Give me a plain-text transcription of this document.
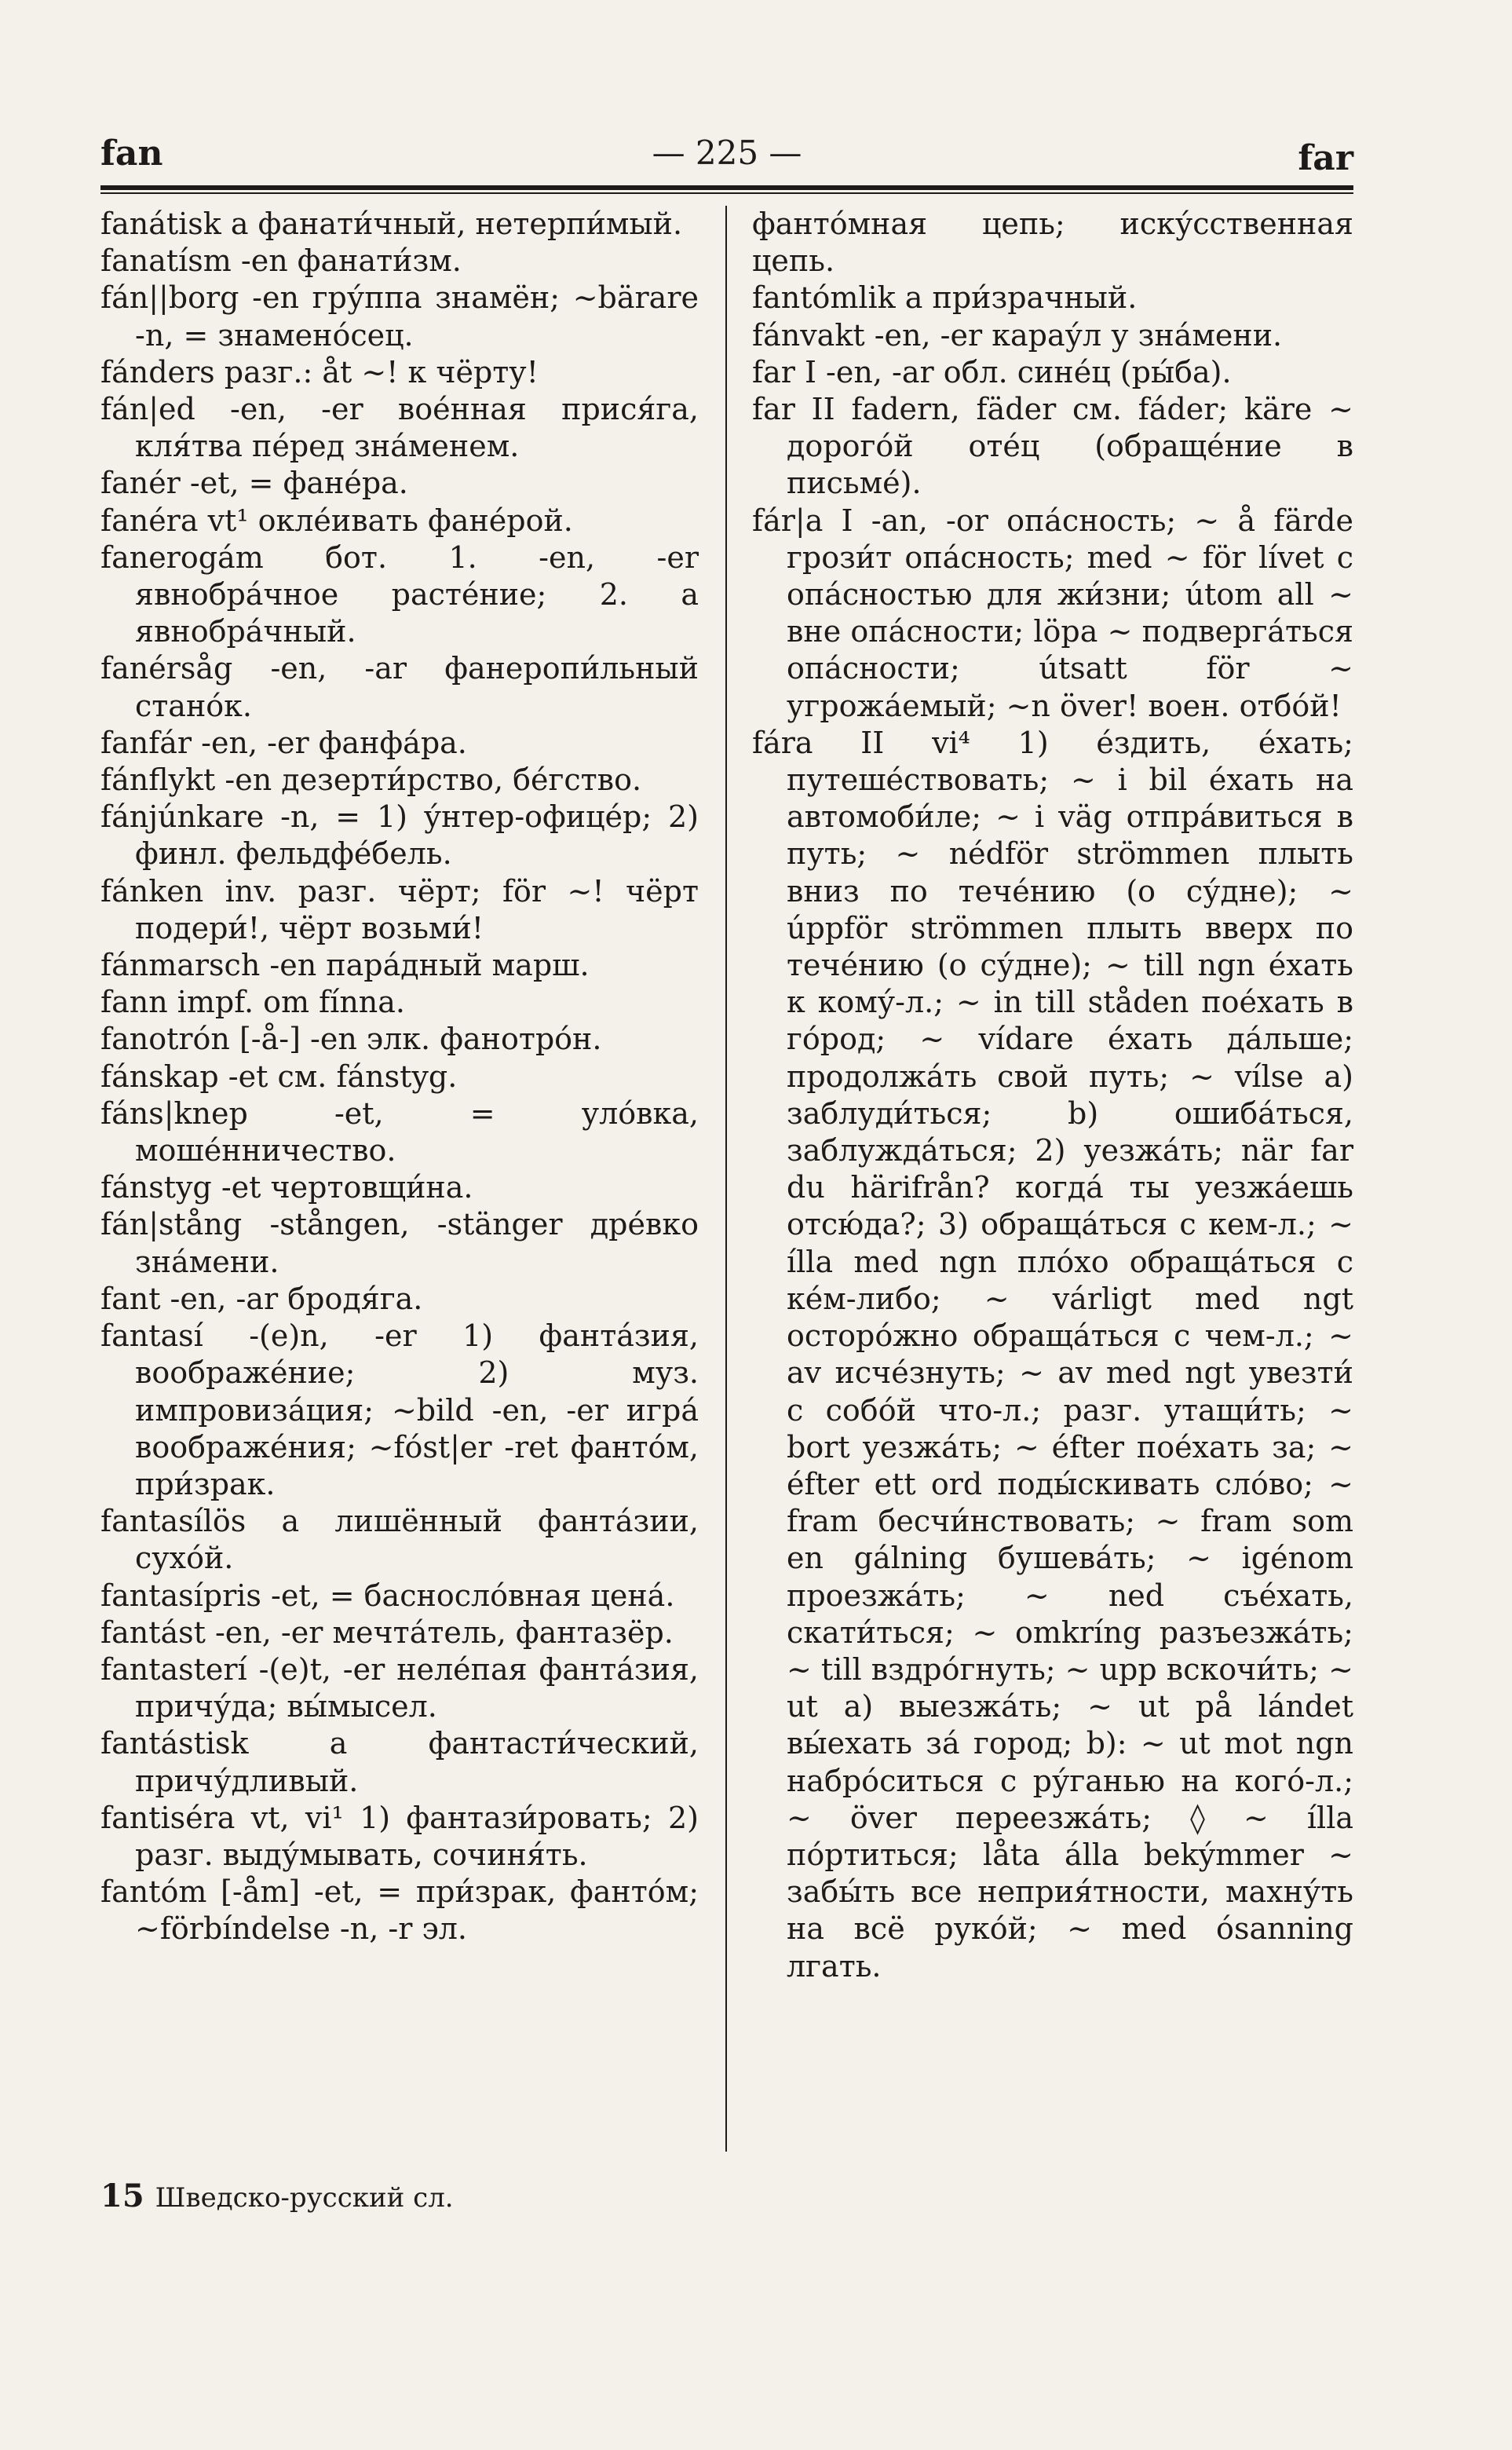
fan	— 225 —	far

fanátisk a фанати́чный, нетерпи́мый.

fanatísm -en фанати́зм.

fán||borg -en гру́ппа знамён; ~bärare -n, = знамено́сец.

fánders разг.: åt ~! к чёрту!

fán|ed -en, -er вое́нная прися́га, кля́тва пе́ред зна́менем.

fanér -et, = фане́ра.

fanéra vt¹ окле́ивать фане́рой.

fanerogám бот. 1. -en, -er явнобра́чное расте́ние; 2. a явнобра́чный.

fanérsåg -en, -ar фанеропи́льный стано́к.

fanfár -en, -er фанфа́ра.

fánflykt -en дезерти́рство, бе́гство.

fánjúnkare -n, = 1) у́нтер-офице́р; 2) финл. фельдфе́бель.

fánken inv. разг. чёрт; för ~! чёрт подери́!, чёрт возьми́!

fánmarsch -en пара́дный марш.

fann impf. om fínna.

fanotrón [-å-] -en элк. фанотро́н.

fánskap -et см. fánstyg.

fáns|knep -et, = уло́вка, моше́нничество.

fánstyg -et чертовщи́на.

fán|stång -stången, -stänger дре́вко зна́мени.

fant -en, -ar бродя́га.

fantasí -(e)n, -er 1) фанта́зия, воображе́ние; 2) муз. импровиза́ция; ~bild -en, -er игра́ воображе́ния; ~fóst|er -ret фанто́м, при́зрак.

fantasílös a лишённый фанта́зии, сухо́й.

fantasípris -et, = басносло́вная цена́.

fantást -en, -er мечта́тель, фантазёр.

fantasterí -(e)t, -er неле́пая фанта́зия, причу́да; вы́мысел.

fantástisk a фантасти́ческий, причу́дливый.

fantiséra vt, vi¹ 1) фантази́ровать; 2) разг. выду́мывать, сочиня́ть.

fantóm [-åm] -et, = при́зрак, фанто́м; ~förbíndelse -n, -r эл.

фанто́мная цепь; иску́сственная цепь.

fantómlik a при́зрачный.

fánvakt -en, -er карау́л у зна́мени.

far I -en, -ar обл. сине́ц (ры́ба).

far II fadern, fäder см. fáder; käre ~ дорого́й оте́ц (обраще́ние в письме́).

fár|a I -an, -or опа́сность; ~ å färde грози́т опа́сность; med ~ för lívet с опа́сностью для жи́зни; útom all ~ вне опа́сности; löpa ~ подверга́ться опа́сности; útsatt för ~ угрожа́емый; ~n över! воен. отбо́й!

fára II vi⁴ 1) е́здить, е́хать; путеше́ствовать; ~ i bil е́хать на автомоби́ле; ~ i väg отпра́виться в путь; ~ nédför strömmen плыть вниз по тече́нию (о су́дне); ~ úppför strömmen плыть вверх по тече́нию (о су́дне); ~ till ngn е́хать к кому́-л.; ~ in till ståden пое́хать в го́род; ~ vídare е́хать да́льше; продолжа́ть свой путь; ~ vílse a) заблуди́ться; b) ошиба́ться, заблужда́ться; 2) уезжа́ть; när far du härifrån? когда́ ты уезжа́ешь отсю́да?; 3) обраща́ться с кем-л.; ~ ílla med ngn пло́хо обраща́ться с ке́м-либо; ~ várligt med ngt осторо́жно обраща́ться с чем-л.; ~ av исче́знуть; ~ av med ngt увезти́ с собо́й что-л.; разг. утащи́ть; ~ bort уезжа́ть; ~ éfter пое́хать за; ~ éfter ett ord поды́скивать сло́во; ~ fram бесчи́нствовать; ~ fram som en gálning бушева́ть; ~ igénom проезжа́ть; ~ ned съе́хать, скати́ться; ~ omkríng разъезжа́ть; ~ till вздро́гнуть; ~ upp вскочи́ть; ~ ut a) выезжа́ть; ~ ut på lándet вы́ехать за́ город; b): ~ ut mot ngn набро́ситься с ру́ганью на кого́-л.; ~ över переезжа́ть; ◊ ~ ílla по́ртиться; låta álla bekýmmer ~ забы́ть все неприя́тности, махну́ть на всё руко́й; ~ med ósanning лгать.

15 Шведско-русский сл.
